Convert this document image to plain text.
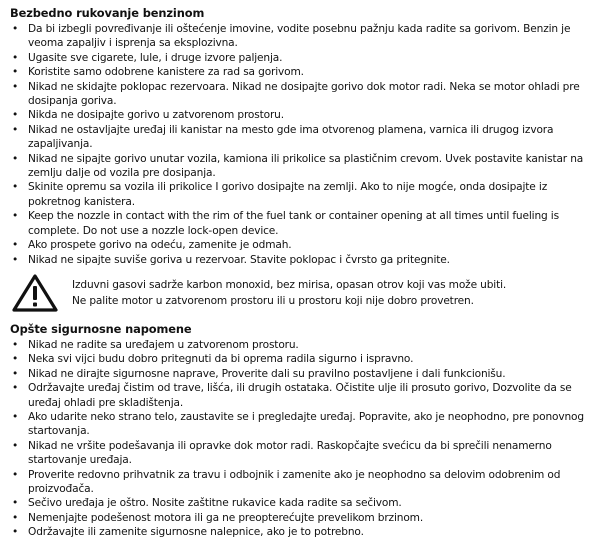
Bezbedno rukovanje benzinom
• Da bi izbegli povređivanje ili oštećenje imovine, vodite posebnu pažnju kada radite sa gorivom. Benzin je veoma zapaljiv i isprenja sa eksplozivna.
• Ugasite sve cigarete, lule, i druge izvore paljenja.
• Koristite samo odobrene kanistere za rad sa gorivom.
• Nikad ne skidajte poklopac rezervoara. Nikad ne dosipajte gorivo dok motor radi. Neka se motor ohladi pre dosipanja goriva.
• Nikda ne dosipajte gorivo u zatvorenom prostoru.
• Nikad ne ostavljajte uređaj ili kanistar na mesto gde ima otvorenog plamena, varnica ili drugog izvora zapaljivanja.
• Nikad ne sipajte gorivo unutar vozila, kamiona ili prikolice sa plastičnim crevom. Uvek postavite kanistar na zemlju dalje od vozila pre dosipanja.
• Skinite opremu sa vozila ili prikolice I gorivo dosipajte na zemlji. Ako to nije mogće, onda dosipajte iz pokretnog kanistera.
• Keep the nozzle in contact with the rim of the fuel tank or container opening at all times until fueling is complete. Do not use a nozzle lock-open device.
• Ako prospete gorivo na odeću, zamenite je odmah.
• Nikad ne sipajte suviše goriva u rezervoar. Stavite poklopac i čvrsto ga pritegnite.
Izduvni gasovi sadrže karbon monoxid, bez mirisa, opasan otrov koji vas može ubiti.
Ne palite motor u zatvorenom prostoru ili u prostoru koji nije dobro provetren.
Opšte sigurnosne napomene
• Nikad ne radite sa uređajem u zatvorenom prostoru.
• Neka svi vijci budu dobro pritegnuti da bi oprema radila sigurno i ispravno.
• Nikad ne dirajte sigurnosne naprave, Proverite dali su pravilno postavljene i dali funkcionišu.
• Održavajte uređaj čistim od trave, lišća, ili drugih ostataka. Očistite ulje ili prosuto gorivo, Dozvolite da se uređaj ohladi pre skladištenja.
• Ako udarite neko strano telo, zaustavite se i pregledajte uređaj. Popravite, ako je neophodno, pre ponovnog startovanja.
• Nikad ne vršite podešavanja ili opravke dok motor radi. Raskopčajte svećicu da bi sprečili nenamerno startovanje uređaja.
• Proverite redovno prihvatnik za travu i odbojnik i zamenite ako je neophodno sa delovim odobrenim od proizvođača.
• Sečivo uređaja je oštro. Nosite zaštitne rukavice kada radite sa sečivom.
• Nemenjajte podešenost motora ili ga ne preopterećujte prevelikom brzinom.
• Održavajte ili zamenite sigurnosne nalepnice, ako je to potrebno.
